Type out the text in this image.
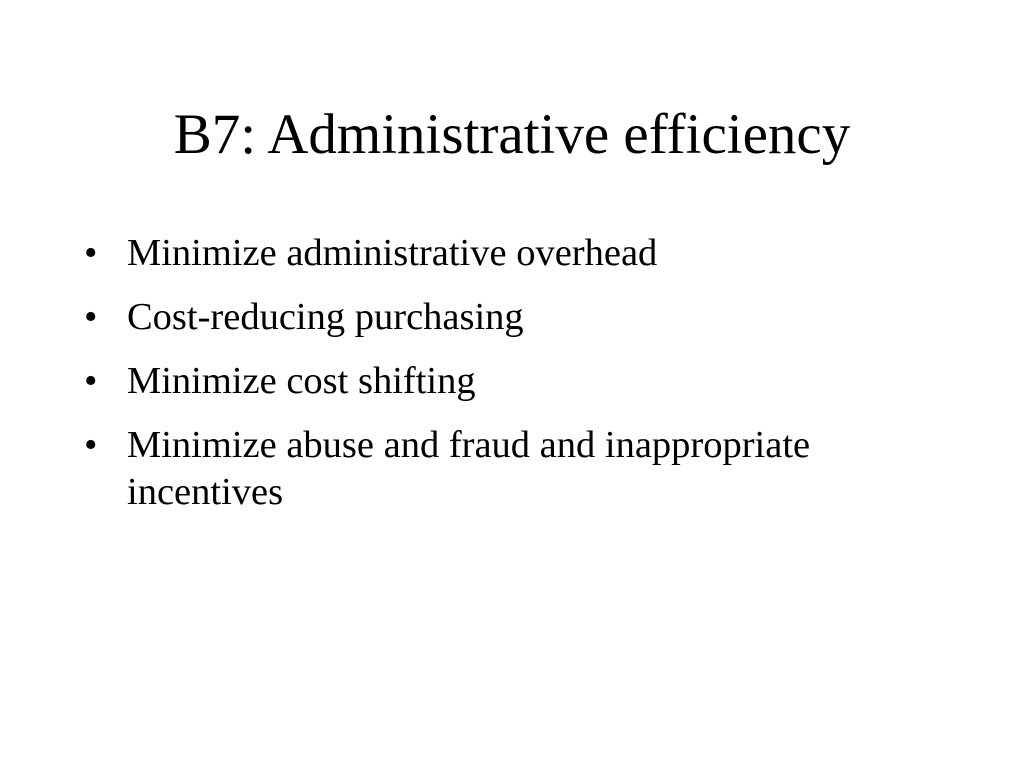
B7: Administrative efficiency
• Minimize administrative overhead
• Cost-reducing purchasing
• Minimize cost shifting
• Minimize abuse and fraud and inappropriate incentives
